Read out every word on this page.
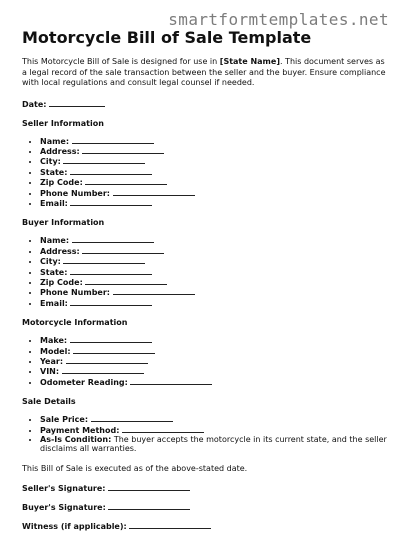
smartformtemplates.net
Motorcycle Bill of Sale Template

This Motorcycle Bill of Sale is designed for use in [State Name]. This document serves as a legal record of the sale transaction between the seller and the buyer. Ensure compliance with local regulations and consult legal counsel if needed.

Date:
Seller Information
• Name:
• Address:
• City:
• State:
• Zip Code:
• Phone Number:
• Email:
Buyer Information
• Name:
• Address:
• City:
• State:
• Zip Code:
• Phone Number:
• Email:
Motorcycle Information
• Make:
• Model:
• Year:
• VIN:
• Odometer Reading:
Sale Details
• Sale Price:
• Payment Method:
• As-Is Condition: The buyer accepts the motorcycle in its current state, and the seller disclaims all warranties.
This Bill of Sale is executed as of the above-stated date.
Seller's Signature:
Buyer's Signature:
Witness (if applicable):
